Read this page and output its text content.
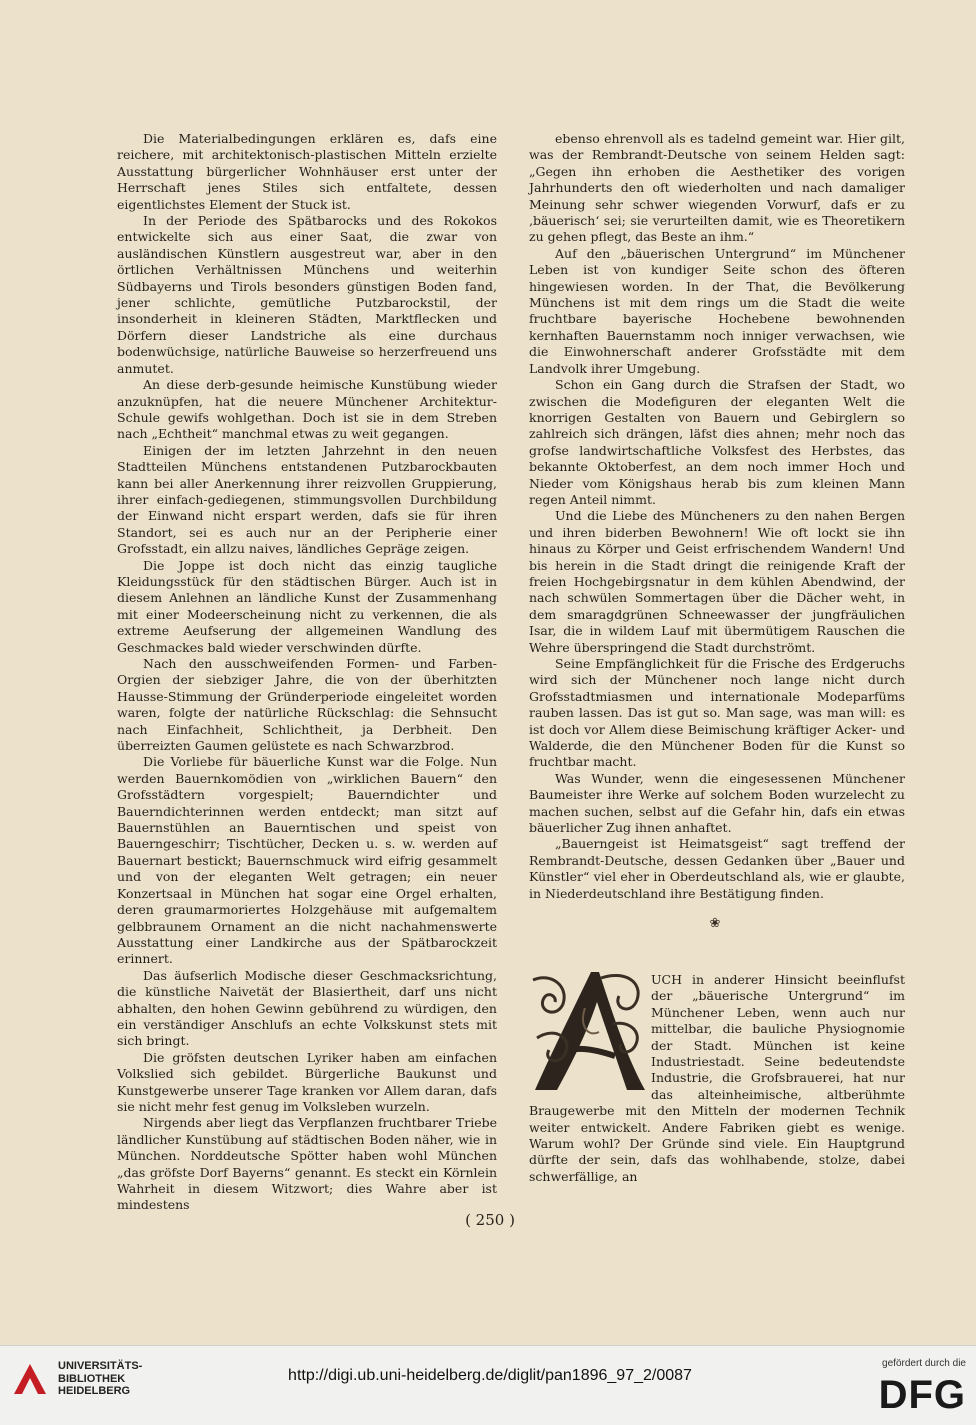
Die Materialbedingungen erklären es, dafs eine reichere, mit architektonisch-plastischen Mitteln erzielte Ausstattung bürgerlicher Wohnhäuser erst unter der Herrschaft jenes Stiles sich entfaltete, dessen eigentlichstes Element der Stuck ist.

In der Periode des Spätbarocks und des Rokokos entwickelte sich aus einer Saat, die zwar von ausländischen Künstlern ausgestreut war, aber in den örtlichen Verhältnissen Münchens und weiterhin Südbayerns und Tirols besonders günstigen Boden fand, jener schlichte, gemütliche Putzbarockstil, der insonderheit in kleineren Städten, Marktflecken und Dörfern dieser Landstriche als eine durchaus bodenwüchsige, natürliche Bauweise so herzerfreuend uns anmutet.

An diese derb-gesunde heimische Kunstübung wieder anzuknüpfen, hat die neuere Münchener Architektur-Schule gewifs wohlgethan. Doch ist sie in dem Streben nach „Echtheit“ manchmal etwas zu weit gegangen.

Einigen der im letzten Jahrzehnt in den neuen Stadtteilen Münchens entstandenen Putzbarockbauten kann bei aller Anerkennung ihrer reizvollen Gruppierung, ihrer einfach-gediegenen, stimmungsvollen Durchbildung der Einwand nicht erspart werden, dafs sie für ihren Standort, sei es auch nur an der Peripherie einer Grofsstadt, ein allzu naives, ländliches Gepräge zeigen.

Die Joppe ist doch nicht das einzig taugliche Kleidungsstück für den städtischen Bürger. Auch ist in diesem Anlehnen an ländliche Kunst der Zusammenhang mit einer Modeerscheinung nicht zu verkennen, die als extreme Aeufserung der allgemeinen Wandlung des Geschmackes bald wieder verschwinden dürfte.

Nach den ausschweifenden Formen- und Farben-Orgien der siebziger Jahre, die von der überhitzten Hausse-Stimmung der Gründerperiode eingeleitet worden waren, folgte der natürliche Rückschlag: die Sehnsucht nach Einfachheit, Schlichtheit, ja Derbheit. Den überreizten Gaumen gelüstete es nach Schwarzbrod.

Die Vorliebe für bäuerliche Kunst war die Folge. Nun werden Bauernkomödien von „wirklichen Bauern“ den Grofsstädtern vorgespielt; Bauerndichter und Bauerndichterinnen werden entdeckt; man sitzt auf Bauernstühlen an Bauerntischen und speist von Bauerngeschirr; Tischtücher, Decken u. s. w. werden auf Bauernart bestickt; Bauernschmuck wird eifrig gesammelt und von der eleganten Welt getragen; ein neuer Konzertsaal in München hat sogar eine Orgel erhalten, deren graumarmoriertes Holzgehäuse mit aufgemaltem gelbbraunem Ornament an die nicht nachahmenswerte Ausstattung einer Landkirche aus der Spätbarockzeit erinnert.

Das äufserlich Modische dieser Geschmacksrichtung, die künstliche Naivetät der Blasiertheit, darf uns nicht abhalten, den hohen Gewinn gebührend zu würdigen, den ein verständiger Anschlufs an echte Volkskunst stets mit sich bringt.

Die gröfsten deutschen Lyriker haben am einfachen Volkslied sich gebildet. Bürgerliche Baukunst und Kunstgewerbe unserer Tage kranken vor Allem daran, dafs sie nicht mehr fest genug im Volksleben wurzeln.

Nirgends aber liegt das Verpflanzen fruchtbarer Triebe ländlicher Kunstübung auf städtischen Boden näher, wie in München. Norddeutsche Spötter haben wohl München „das gröfste Dorf Bayerns“ genannt. Es steckt ein Körnlein Wahrheit in diesem Witzwort; dies Wahre aber ist mindestens

ebenso ehrenvoll als es tadelnd gemeint war. Hier gilt, was der Rembrandt-Deutsche von seinem Helden sagt: „Gegen ihn erhoben die Aesthetiker des vorigen Jahrhunderts den oft wiederholten und nach damaliger Meinung sehr schwer wiegenden Vorwurf, dafs er zu ‚bäuerisch‘ sei; sie verurteilten damit, wie es Theoretikern zu gehen pflegt, das Beste an ihm.“

Auf den „bäuerischen Untergrund“ im Münchener Leben ist von kundiger Seite schon des öfteren hingewiesen worden. In der That, die Bevölkerung Münchens ist mit dem rings um die Stadt die weite fruchtbare bayerische Hochebene bewohnenden kernhaften Bauernstamm noch inniger verwachsen, wie die Einwohnerschaft anderer Grofsstädte mit dem Landvolk ihrer Umgebung.

Schon ein Gang durch die Strafsen der Stadt, wo zwischen die Modefiguren der eleganten Welt die knorrigen Gestalten von Bauern und Gebirglern so zahlreich sich drängen, läfst dies ahnen; mehr noch das grofse landwirtschaftliche Volksfest des Herbstes, das bekannte Oktoberfest, an dem noch immer Hoch und Nieder vom Königshaus herab bis zum kleinen Mann regen Anteil nimmt.

Und die Liebe des Müncheners zu den nahen Bergen und ihren biderben Bewohnern! Wie oft lockt sie ihn hinaus zu Körper und Geist erfrischendem Wandern! Und bis herein in die Stadt dringt die reinigende Kraft der freien Hochgebirgsnatur in dem kühlen Abendwind, der nach schwülen Sommertagen über die Dächer weht, in dem smaragdgrünen Schneewasser der jungfräulichen Isar, die in wildem Lauf mit übermütigem Rauschen die Wehre überspringend die Stadt durchströmt.

Seine Empfänglichkeit für die Frische des Erdgeruchs wird sich der Münchener noch lange nicht durch Grofsstadtmiasmen und internationale Modeparfüms rauben lassen. Das ist gut so. Man sage, was man will: es ist doch vor Allem diese Beimischung kräftiger Acker- und Walderde, die den Münchener Boden für die Kunst so fruchtbar macht.

Was Wunder, wenn die eingesessenen Münchener Baumeister ihre Werke auf solchem Boden wurzelecht zu machen suchen, selbst auf die Gefahr hin, dafs ein etwas bäuerlicher Zug ihnen anhaftet.

„Bauerngeist ist Heimatsgeist“ sagt treffend der Rembrandt-Deutsche, dessen Gedanken über „Bauer und Künstler“ viel eher in Oberdeutschland als, wie er glaubte, in Niederdeutschland ihre Bestätigung finden.

❀
UCH in anderer Hinsicht beeinflufst der „bäuerische Untergrund“ im Münchener Leben, wenn auch nur mittelbar, die bauliche Physiognomie der Stadt. München ist keine Industriestadt. Seine bedeutendste Industrie, die Grofsbrauerei, hat nur das alteinheimische, altberühmte Braugewerbe mit den Mitteln der modernen Technik weiter entwickelt. Andere Fabriken giebt es wenige. Warum wohl? Der Gründe sind viele. Ein Hauptgrund dürfte der sein, dafs das wohlhabende, stolze, dabei schwerfällige, an
( 250 )
UNIVERSITÄTS-
BIBLIOTHEK
HEIDELBERG
http://digi.ub.uni-heidelberg.de/diglit/pan1896_97_2/0087
gefördert durch die
DFG
